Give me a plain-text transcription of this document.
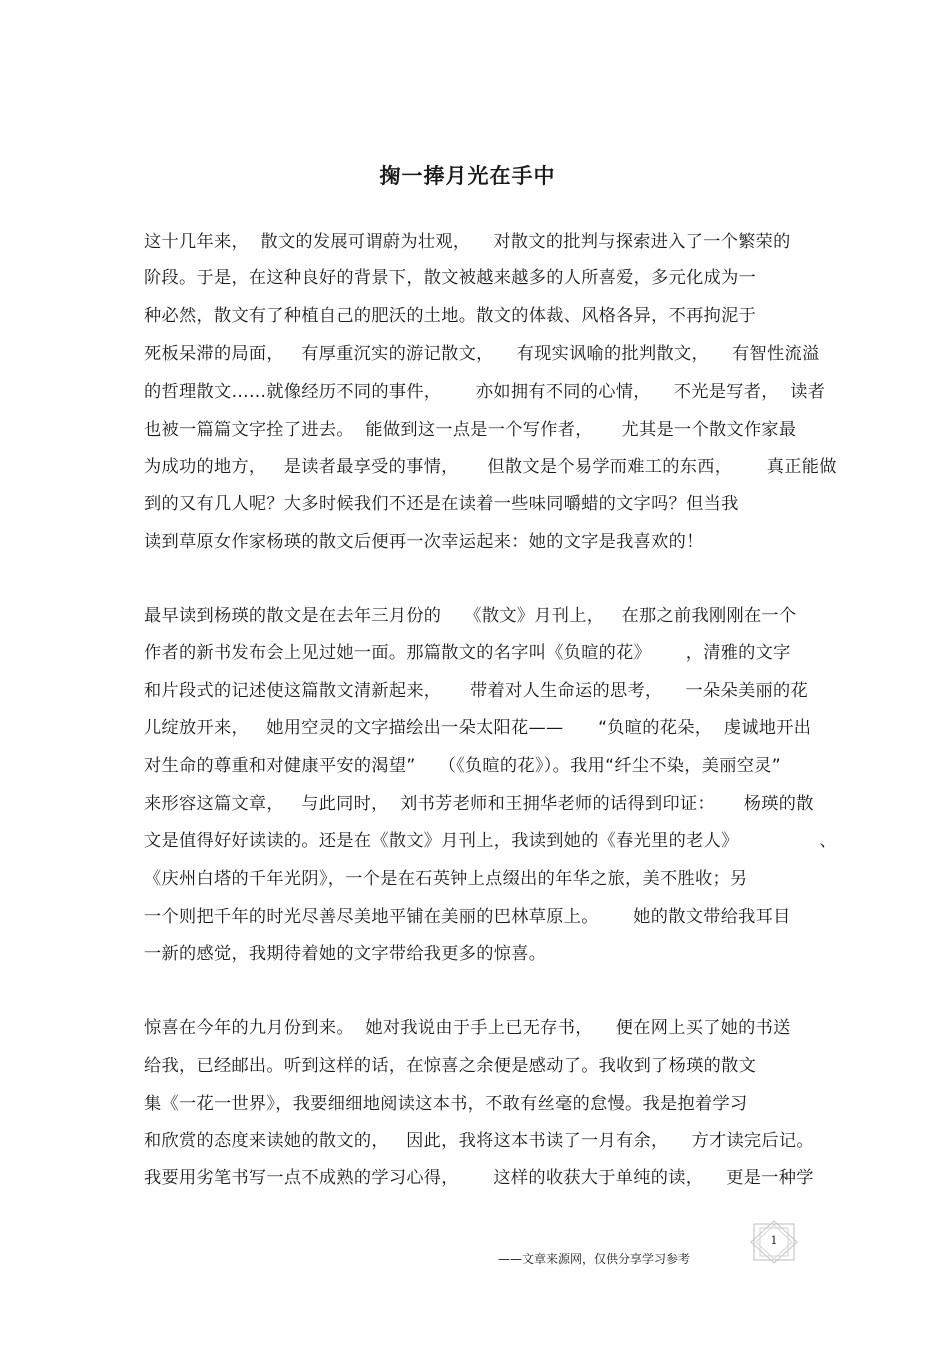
掬一捧月光在手中
这十几年来，  散文的发展可谓蔚为壮观，    对散文的批判与探索进入了一个繁荣的
阶段。于是，在这种良好的背景下，散文被越来越多的人所喜爱，多元化成为一
种必然，散文有了种植自己的肥沃的土地。散文的体裁、风格各异，不再拘泥于
死板呆滞的局面，   有厚重沉实的游记散文，    有现实讽喻的批判散文，    有智性流溢
的哲理散文……就像经历不同的事件，      亦如拥有不同的心情，    不光是写者，  读者
也被一篇篇文字拴了进去。  能做到这一点是一个写作者，     尤其是一个散文作家最
为成功的地方，   是读者最享受的事情，     但散文是个易学而难工的东西，      真正能做
到的又有几人呢？大多时候我们不还是在读着一些味同嚼蜡的文字吗？但当我
读到草原女作家杨瑛的散文后便再一次幸运起来：她的文字是我喜欢的！
最早读到杨瑛的散文是在去年三月份的    《散文》月刊上，   在那之前我刚刚在一个
作者的新书发布会上见过她一面。那篇散文的名字叫《负暄的花》      ，清雅的文字
和片段式的记述使这篇散文清新起来，     带着对人生命运的思考，    一朵朵美丽的花
儿绽放开来，   她用空灵的文字描绘出一朵太阳花——      “负暄的花朵，  虔诚地开出
对生命的尊重和对健康平安的渴望”    （《负暄的花》）。我用“纤尘不染，美丽空灵”
来形容这篇文章，   与此同时，  刘书芳老师和王拥华老师的话得到印证：     杨瑛的散
文是值得好好读读的。还是在《散文》月刊上，我读到她的《春光里的老人》              、
《庆州白塔的千年光阴》，一个是在石英钟上点缀出的年华之旅，美不胜收；另
一个则把千年的时光尽善尽美地平铺在美丽的巴林草原上。      她的散文带给我耳目
一新的感觉，我期待着她的文字带给我更多的惊喜。
惊喜在今年的九月份到来。  她对我说由于手上已无存书，    便在网上买了她的书送
给我，已经邮出。听到这样的话，在惊喜之余便是感动了。我收到了杨瑛的散文
集《一花一世界》，我要细细地阅读这本书，不敢有丝毫的怠慢。我是抱着学习
和欣赏的态度来读她的散文的，   因此，我将这本书读了一月有余，    方才读完后记。
我要用劣笔书写一点不成熟的学习心得，      这样的收获大于单纯的读，    更是一种学
——文章来源网，仅供分享学习参考
1
